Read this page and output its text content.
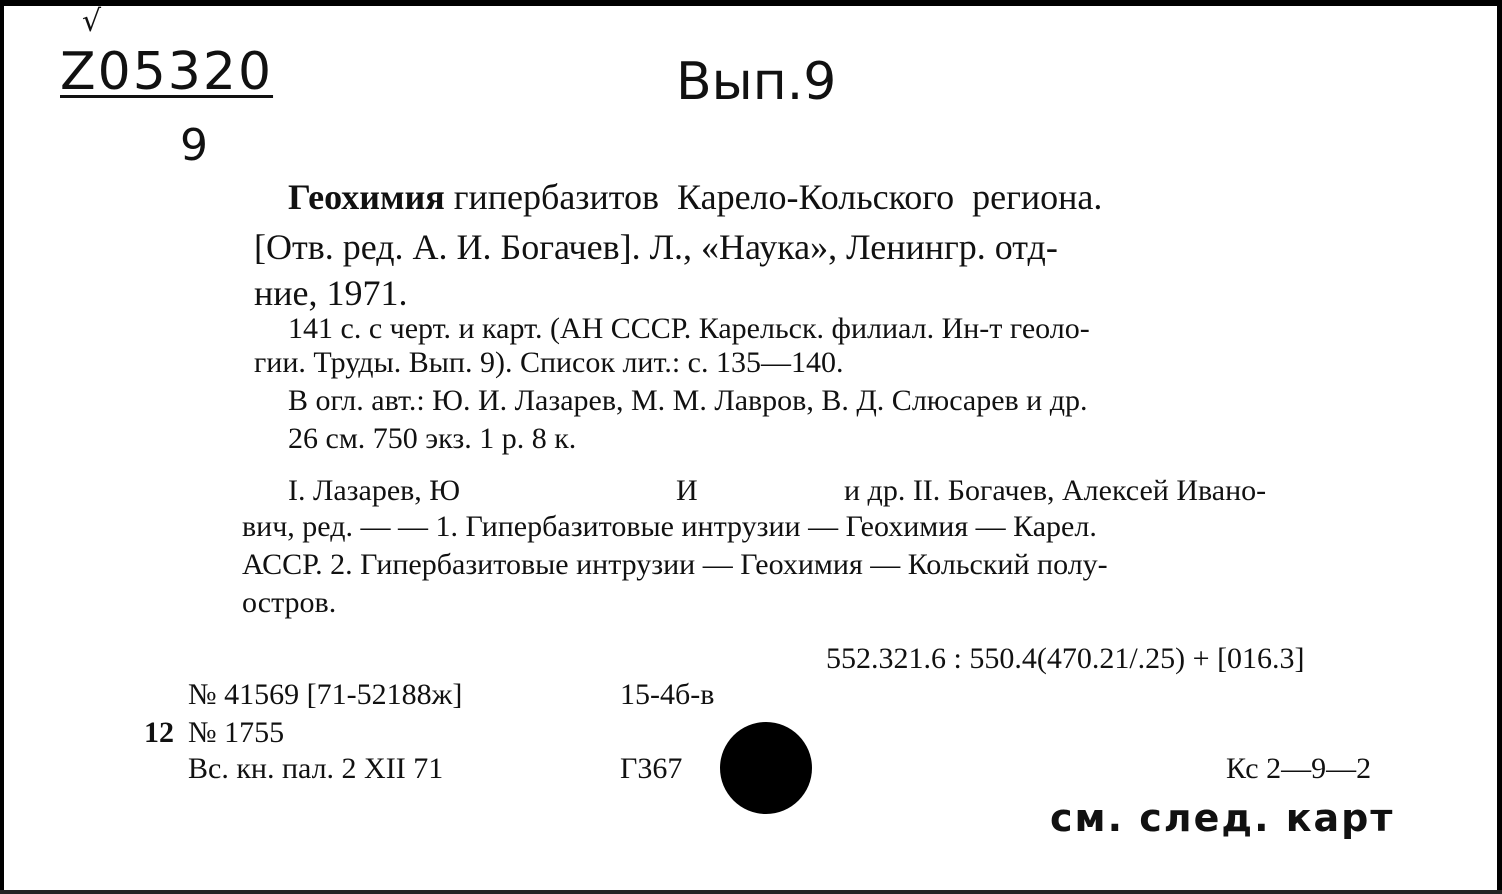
√
Z05320
9
Вып.9
Геохимия гипербазитов  Карело-Кольского  региона.
[Отв. ред. А. И. Богачев]. Л., «Наука», Ленингр. отд-
ние, 1971.
141 с. с черт. и карт. (АН СССР. Карельск. филиал. Ин-т геоло-
гии. Труды. Вып. 9). Список лит.: с. 135—140.
В огл. авт.: Ю. И. Лазарев, М. М. Лавров, В. Д. Слюсарев и др.
26 см. 750 экз. 1 р. 8 к.
I. Лазарев, Ю	И	и др. II. Богачев, Алексей Ивано-
вич, ред. — — 1. Гипербазитовые интрузии — Геохимия — Карел.
АССР. 2. Гипербазитовые интрузии — Геохимия — Кольский полу-
остров.
552.321.6 : 550.4(470.21/.25) + [016.3]
№ 41569 [71-52188ж]	15-4б-в
12 № 1755
Вс. кн. пал. 2 XII 71	Г367	Кс 2—9—2
см. след. карт
